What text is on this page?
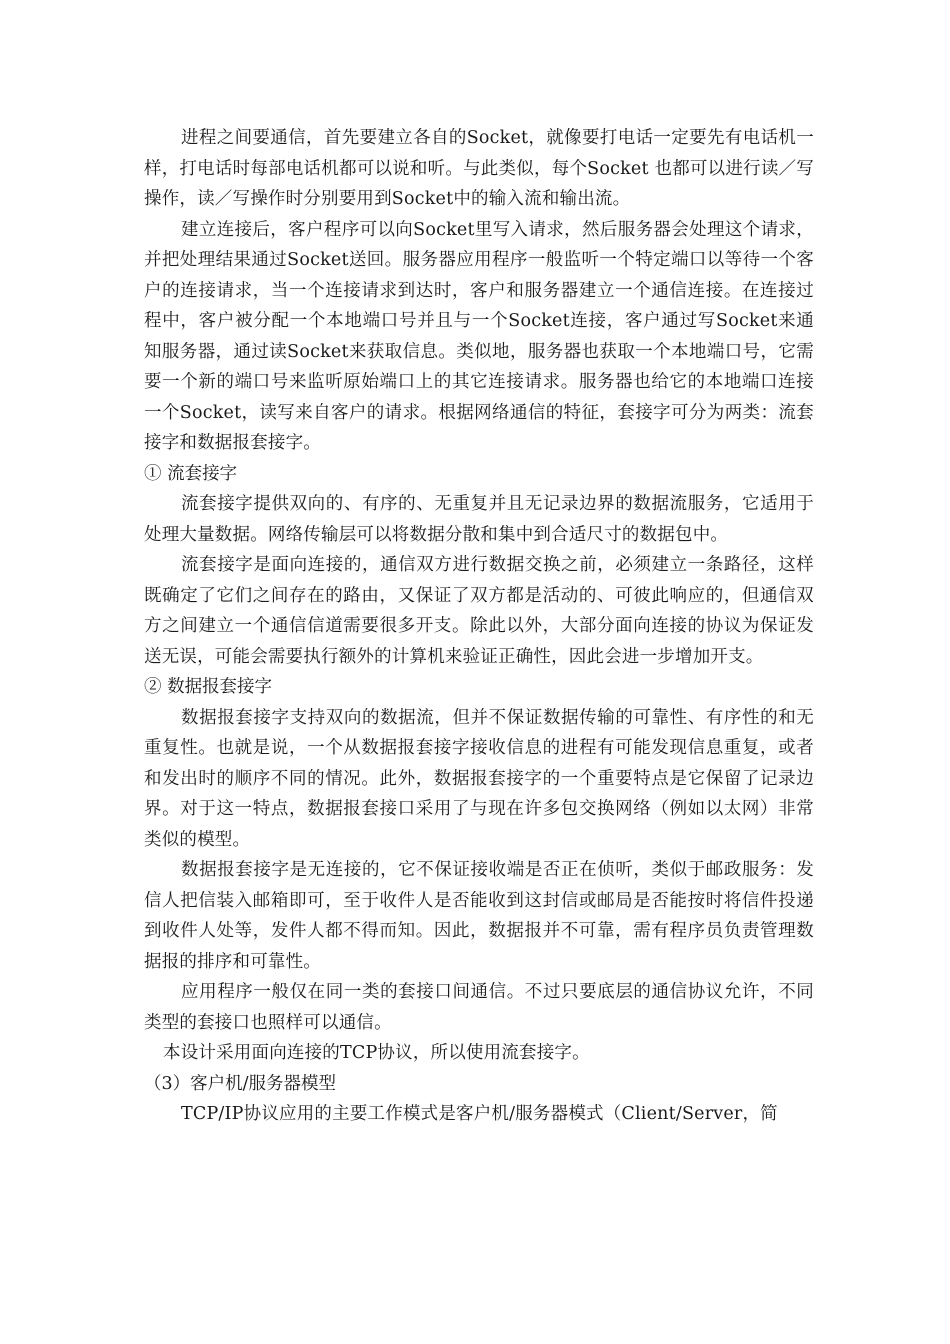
进程之间要通信，首先要建立各自的Socket，就像要打电话一定要先有电话机一样，打电话时每部电话机都可以说和听。与此类似，每个Socket 也都可以进行读／写操作，读／写操作时分别要用到Socket中的输入流和输出流。

建立连接后，客户程序可以向Socket里写入请求，然后服务器会处理这个请求，并把处理结果通过Socket送回。服务器应用程序一般监听一个特定端口以等待一个客户的连接请求，当一个连接请求到达时，客户和服务器建立一个通信连接。在连接过程中，客户被分配一个本地端口号并且与一个Socket连接，客户通过写Socket来通知服务器，通过读Socket来获取信息。类似地，服务器也获取一个本地端口号，它需要一个新的端口号来监听原始端口上的其它连接请求。服务器也给它的本地端口连接一个Socket，读写来自客户的请求。根据网络通信的特征，套接字可分为两类：流套接字和数据报套接字。

① 流套接字

流套接字提供双向的、有序的、无重复并且无记录边界的数据流服务，它适用于处理大量数据。网络传输层可以将数据分散和集中到合适尺寸的数据包中。

流套接字是面向连接的，通信双方进行数据交换之前，必须建立一条路径，这样既确定了它们之间存在的路由，又保证了双方都是活动的、可彼此响应的，但通信双方之间建立一个通信信道需要很多开支。除此以外，大部分面向连接的协议为保证发送无误，可能会需要执行额外的计算机来验证正确性，因此会进一步增加开支。

② 数据报套接字

数据报套接字支持双向的数据流，但并不保证数据传输的可靠性、有序性的和无重复性。也就是说，一个从数据报套接字接收信息的进程有可能发现信息重复，或者和发出时的顺序不同的情况。此外，数据报套接字的一个重要特点是它保留了记录边界。对于这一特点，数据报套接口采用了与现在许多包交换网络（例如以太网）非常类似的模型。

数据报套接字是无连接的，它不保证接收端是否正在侦听，类似于邮政服务：发信人把信装入邮箱即可，至于收件人是否能收到这封信或邮局是否能按时将信件投递到收件人处等，发件人都不得而知。因此，数据报并不可靠，需有程序员负责管理数据报的排序和可靠性。

应用程序一般仅在同一类的套接口间通信。不过只要底层的通信协议允许，不同类型的套接口也照样可以通信。

本设计采用面向连接的TCP协议，所以使用流套接字。

（3）客户机/服务器模型

TCP/IP协议应用的主要工作模式是客户机/服务器模式（Client/Server，简
